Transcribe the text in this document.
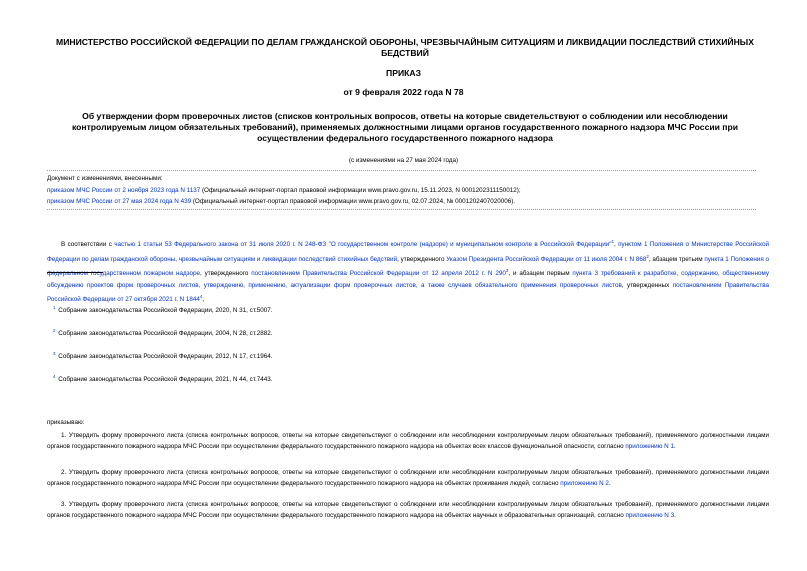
МИНИСТЕРСТВО РОССИЙСКОЙ ФЕДЕРАЦИИ ПО ДЕЛАМ ГРАЖДАНСКОЙ ОБОРОНЫ, ЧРЕЗВЫЧАЙНЫМ СИТУАЦИЯМ И ЛИКВИДАЦИИ ПОСЛЕДСТВИЙ СТИХИЙНЫХ БЕДСТВИЙ
ПРИКАЗ
от 9 февраля 2022 года N 78
Об утверждении форм проверочных листов (списков контрольных вопросов, ответы на которые свидетельствуют о соблюдении или несоблюдении контролируемым лицом обязательных требований), применяемых должностными лицами органов государственного пожарного надзора МЧС России при осуществлении федерального государственного пожарного надзора
(с изменениями на 27 мая 2024 года)
Документ с изменениями, внесенными:
приказом МЧС России от 2 ноября 2023 года N 1137 (Официальный интернет-портал правовой информации www.pravo.gov.ru, 15.11.2023, N 0001202311150012);
приказом МЧС России от 27 мая 2024 года N 439 (Официальный интернет-портал правовой информации www.pravo.gov.ru, 02.07.2024, № 0001202407020006).
В соответствии с частью 1 статьи 53 Федерального закона от 31 июля 2020 г. N 248-ФЗ "О государственном контроле (надзоре) и муниципальном контроле в Российской Федерации"$^1$, пунктом 1 Положения о Министерстве Российской Федерации по делам гражданской обороны, чрезвычайным ситуациям и ликвидации последствий стихийных бедствий, утвержденного Указом Президента Российской Федерации от 11 июля 2004 г. N $868^2$, абзацем третьим пункта 1 Положения о федеральном государственном пожарном надзоре, утвержденного постановлением Правительства Российской Федерации от 12 апреля 2012 г. N $290^3$, и абзацем первым пункта 3 требований к разработке, содержанию, общественному обсуждению проектов форм проверочных листов, утверждению, применению, актуализации форм проверочных листов, а также случаев обязательного применения проверочных листов, утвержденных постановлением Правительства Российской Федерации от 27 октября 2021 г. N 1844$^4$,
$^1$ Собрание законодательства Российской Федерации, 2020, N 31, ст.5007.
$^2$ Собрание законодательства Российской Федерации, 2004, N 28, ст.2882.
$^3$ Собрание законодательства Российской Федерации, 2012, N 17, ст.1964.
$^4$ Собрание законодательства Российской Федерации, 2021, N 44, ст.7443.
приказываю:
1. Утвердить форму проверочного листа (списка контрольных вопросов, ответы на которые свидетельствуют о соблюдении или несоблюдении контролируемым лицом обязательных требований), применяемого должностными лицами органов государственного пожарного надзора МЧС России при осуществлении федерального государственного пожарного надзора на объектах всех классов функциональной опасности, согласно приложению N 1.
2. Утвердить форму проверочного листа (списка контрольных вопросов, ответы на которые свидетельствуют о соблюдении или несоблюдении контролируемым лицом обязательных требований), применяемого должностными лицами органов государственного пожарного надзора МЧС России при осуществлении федерального государственного пожарного надзора на объектах проживания людей, согласно приложению N 2.
3. Утвердить форму проверочного листа (списка контрольных вопросов, ответы на которые свидетельствуют о соблюдении или несоблюдении контролируемым лицом обязательных требований), применяемого должностными лицами органов государственного пожарного надзора МЧС России при осуществлении федерального государственного пожарного надзора на объектах научных и образовательных организаций, согласно приложению N 3.
